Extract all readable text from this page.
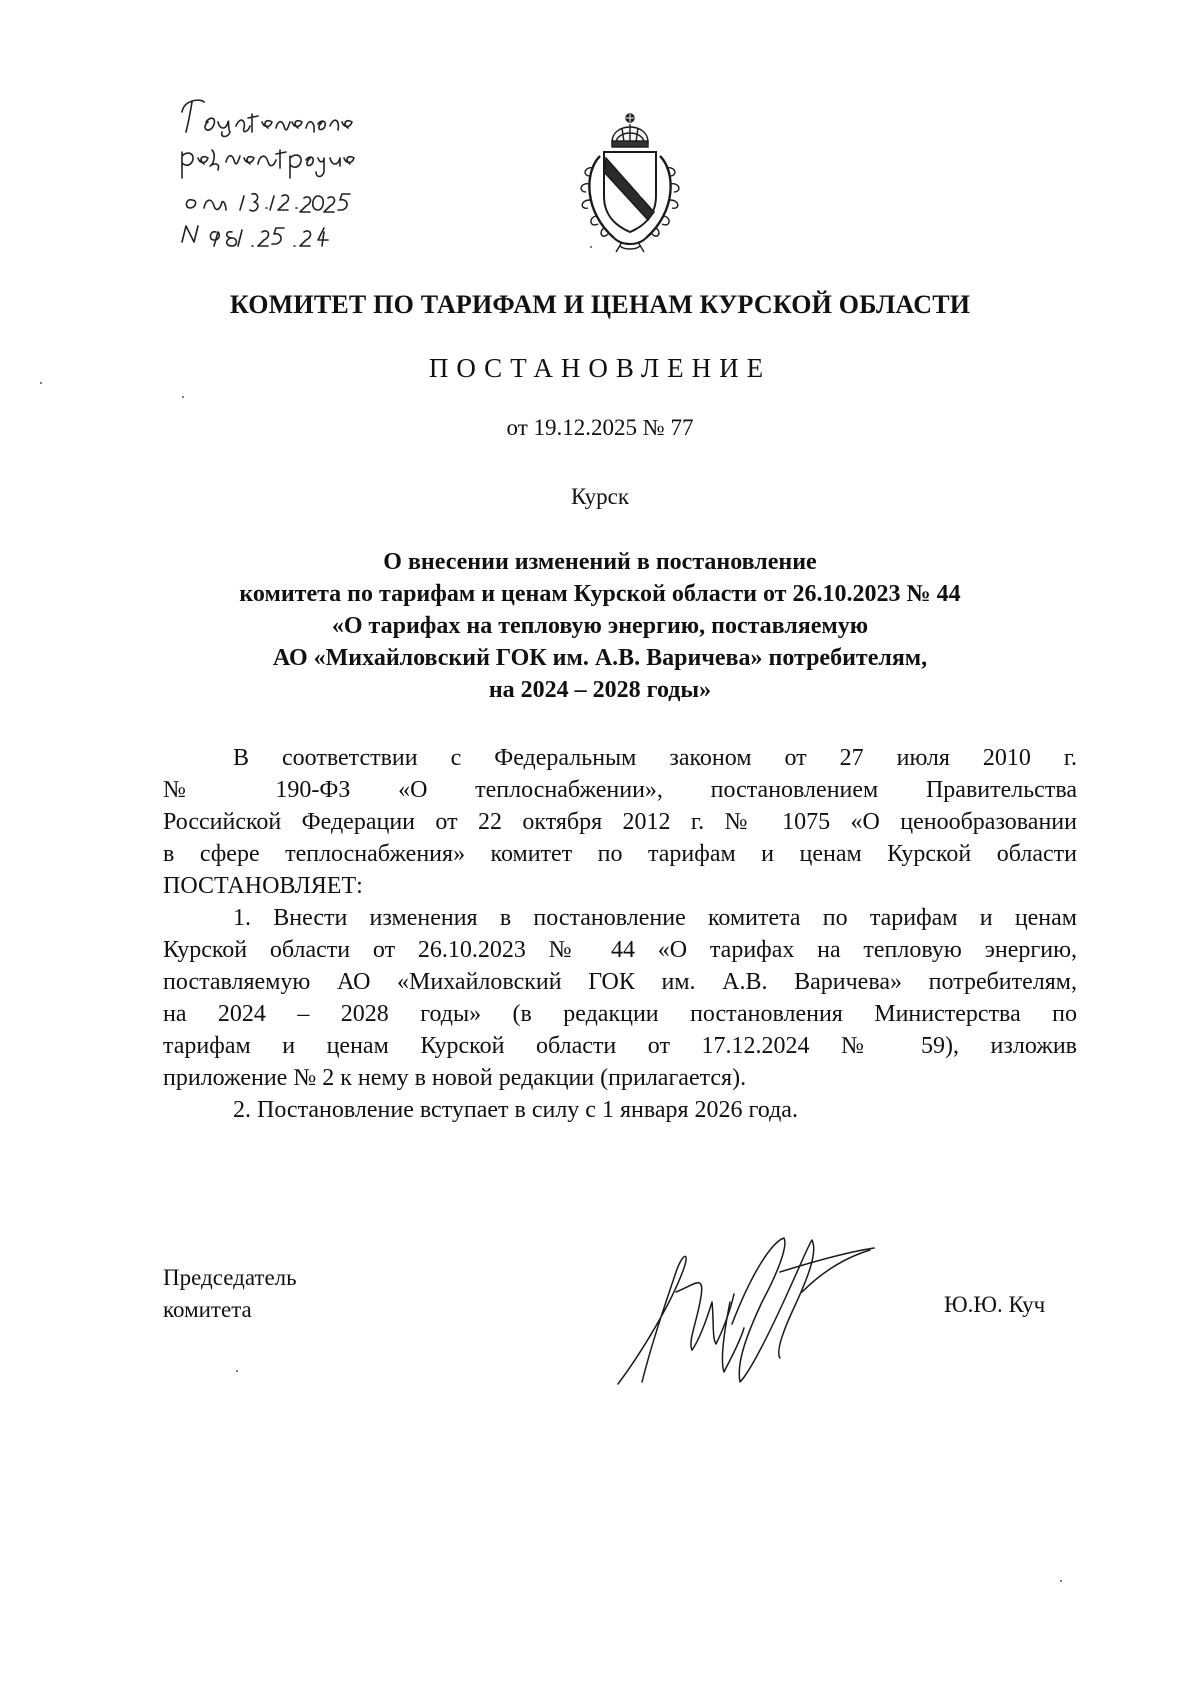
КОМИТЕТ ПО ТАРИФАМ И ЦЕНАМ КУРСКОЙ ОБЛАСТИ
ПОСТАНОВЛЕНИЕ
от 19.12.2025 № 77
Курск
О внесении изменений в постановление
комитета по тарифам и ценам Курской области от 26.10.2023 № 44
«О тарифах на тепловую энергию, поставляемую
АО «Михайловский ГОК им. А.В. Варичева» потребителям,
на 2024 – 2028 годы»
В соответствии с Федеральным законом от 27 июля 2010 г.
№ 190-ФЗ «О теплоснабжении», постановлением Правительства
Российской Федерации от 22 октября 2012 г. № 1075 «О ценообразовании
в сфере теплоснабжения» комитет по тарифам и ценам Курской области
ПОСТАНОВЛЯЕТ:
1. Внести изменения в постановление комитета по тарифам и ценам
Курской области от 26.10.2023 № 44 «О тарифах на тепловую энергию,
поставляемую АО «Михайловский ГОК им. А.В. Варичева» потребителям,
на 2024 – 2028 годы» (в редакции постановления Министерства по
тарифам и ценам Курской области от 17.12.2024 № 59), изложив
приложение № 2 к нему в новой редакции (прилагается).
2. Постановление вступает в силу с 1 января 2026 года.
Председатель
комитета	Ю.Ю. Куч
